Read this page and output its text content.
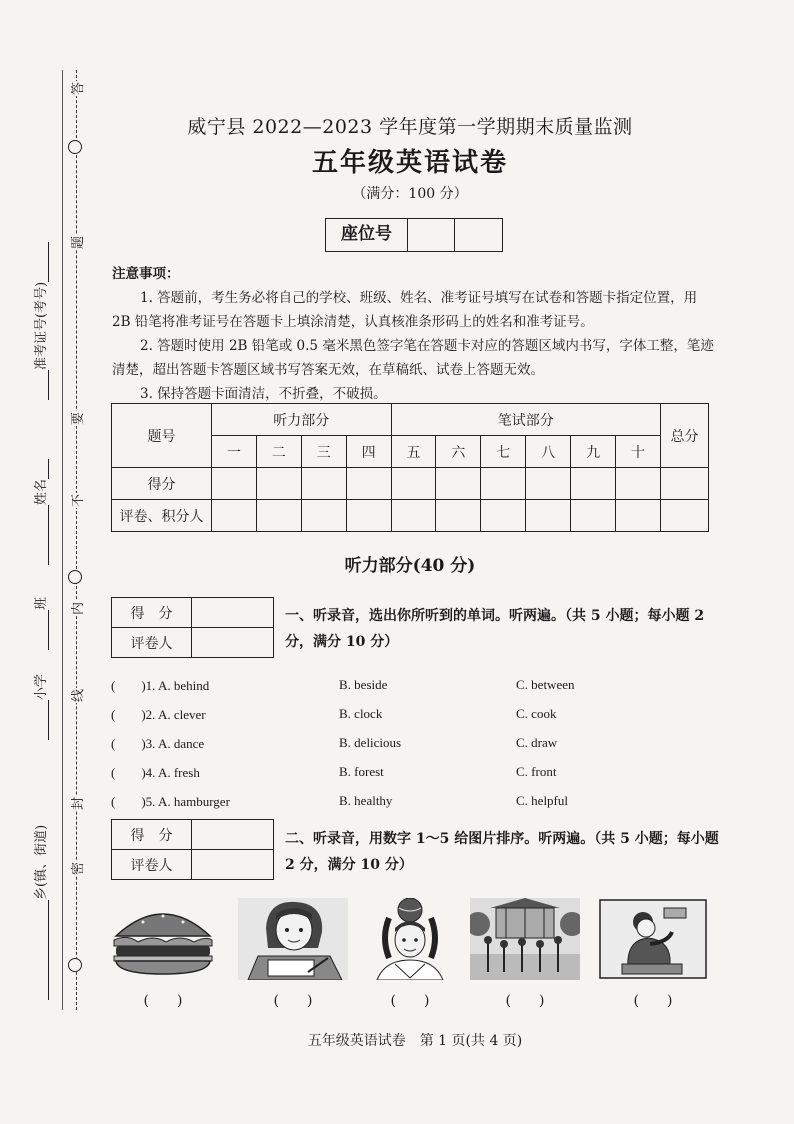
答
题
要
不
内
线
封
密
准考证号(考号)
姓名
班
小学
乡(镇、街道)
威宁县 2022—2023 学年度第一学期期末质量监测
五年级英语试卷
（满分：100 分）
座位号
注意事项：
1. 答题前，考生务必将自己的学校、班级、姓名、准考证号填写在试卷和答题卡指定位置，用 2B 铅笔将准考证号在答题卡上填涂清楚，认真核准条形码上的姓名和准考证号。
2. 答题时使用 2B 铅笔或 0.5 毫米黑色签字笔在答题卡对应的答题区域内书写，字体工整，笔迹清楚，超出答题卡答题区域书写答案无效，在草稿纸、试卷上答题无效。
3. 保持答题卡面清洁，不折叠，不破损。
题号	听力部分				笔试部分						总分
	一	二	三	四	五	六	七	八	九	十	
得分											
评卷、积分人											
听力部分(40 分)
得　分	
评卷人	
一、听录音，选出你所听到的单词。听两遍。（共 5 小题；每小题 2 分，满分 10 分）
(　　)1. A. behind	B. beside	C. between
(　　)2. A. clever	B. clock	C. cook
(　　)3. A. dance	B. delicious	C. draw
(　　)4. A. fresh	B. forest	C. front
(　　)5. A. hamburger	B. healthy	C. helpful
得　分	
评卷人	
二、听录音，用数字 1～5 给图片排序。听两遍。（共 5 小题；每小题 2 分，满分 10 分）
(　　)	(　　)	(　　)	(　　)	(　　)
五年级英语试卷　第 1 页(共 4 页)
